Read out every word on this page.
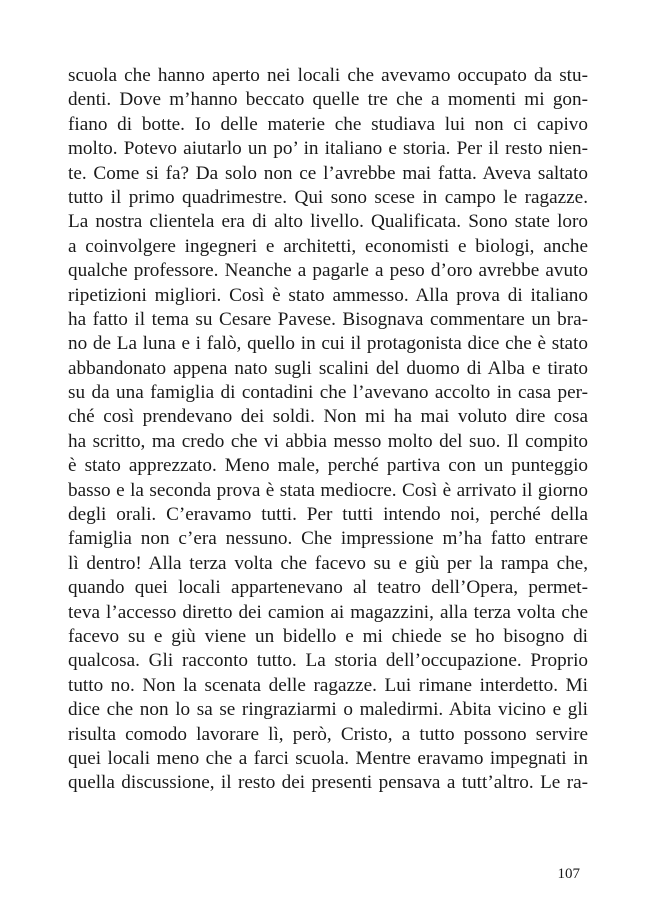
scuola che hanno aperto nei locali che avevamo occupato da stu-
denti. Dove m’hanno beccato quelle tre che a momenti mi gon-
fiano di botte. Io delle materie che studiava lui non ci capivo
molto. Potevo aiutarlo un po’ in italiano e storia. Per il resto nien-
te. Come si fa? Da solo non ce l’avrebbe mai fatta. Aveva saltato
tutto il primo quadrimestre. Qui sono scese in campo le ragazze.
La nostra clientela era di alto livello. Qualificata. Sono state loro
a coinvolgere ingegneri e architetti, economisti e biologi, anche
qualche professore. Neanche a pagarle a peso d’oro avrebbe avuto
ripetizioni migliori. Così è stato ammesso. Alla prova di italiano
ha fatto il tema su Cesare Pavese. Bisognava commentare un bra-
no de La luna e i falò, quello in cui il protagonista dice che è stato
abbandonato appena nato sugli scalini del duomo di Alba e tirato
su da una famiglia di contadini che l’avevano accolto in casa per-
ché così prendevano dei soldi. Non mi ha mai voluto dire cosa
ha scritto, ma credo che vi abbia messo molto del suo. Il compito
è stato apprezzato. Meno male, perché partiva con un punteggio
basso e la seconda prova è stata mediocre. Così è arrivato il giorno
degli orali. C’eravamo tutti. Per tutti intendo noi, perché della
famiglia non c’era nessuno. Che impressione m’ha fatto entrare
lì dentro! Alla terza volta che facevo su e giù per la rampa che,
quando quei locali appartenevano al teatro dell’Opera, permet-
teva l’accesso diretto dei camion ai magazzini, alla terza volta che
facevo su e giù viene un bidello e mi chiede se ho bisogno di
qualcosa. Gli racconto tutto. La storia dell’occupazione. Proprio
tutto no. Non la scenata delle ragazze. Lui rimane interdetto. Mi
dice che non lo sa se ringraziarmi o maledirmi. Abita vicino e gli
risulta comodo lavorare lì, però, Cristo, a tutto possono servire
quei locali meno che a farci scuola. Mentre eravamo impegnati in
quella discussione, il resto dei presenti pensava a tutt’altro. Le ra-
107
